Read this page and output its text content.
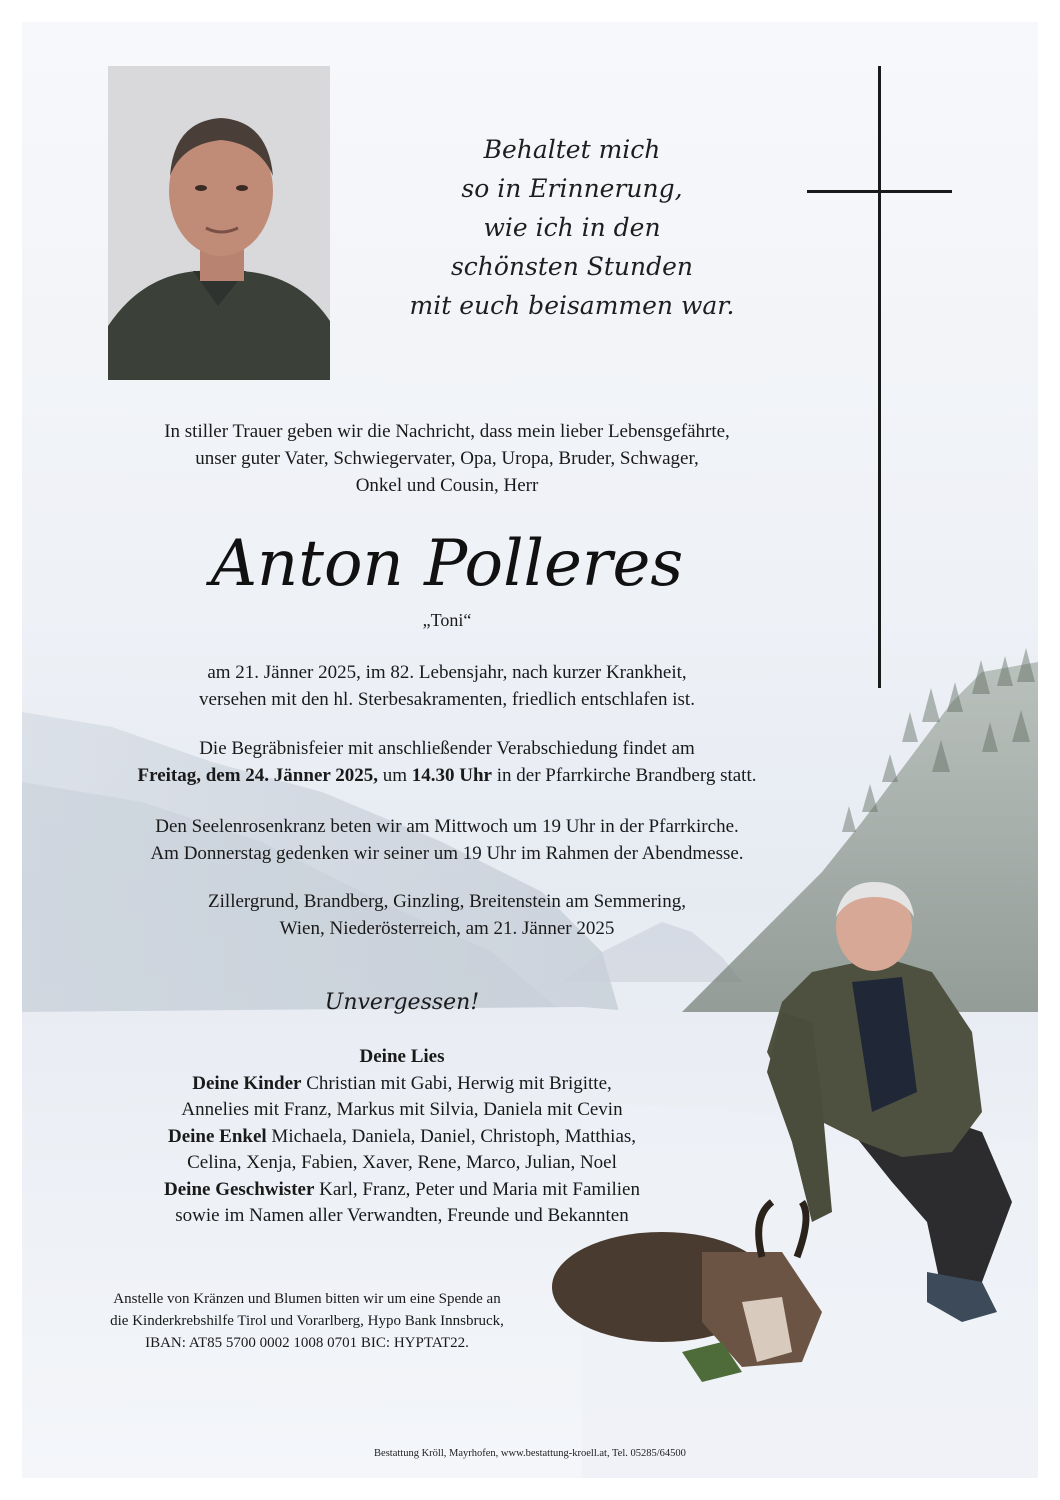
Behaltet mich
so in Erinnerung,
wie ich in den
schönsten Stunden
mit euch beisammen war.
In stiller Trauer geben wir die Nachricht, dass mein lieber Lebensgefährte,
unser guter Vater, Schwiegervater, Opa, Uropa, Bruder, Schwager,
Onkel und Cousin, Herr
Anton Polleres
„Toni“
am 21. Jänner 2025, im 82. Lebensjahr, nach kurzer Krankheit,
versehen mit den hl. Sterbesakramenten, friedlich entschlafen ist.
Die Begräbnisfeier mit anschließender Verabschiedung findet am
Freitag, dem 24. Jänner 2025, um 14.30 Uhr in der Pfarrkirche Brandberg statt.
Den Seelenrosenkranz beten wir am Mittwoch um 19 Uhr in der Pfarrkirche.
Am Donnerstag gedenken wir seiner um 19 Uhr im Rahmen der Abendmesse.
Zillergrund, Brandberg, Ginzling, Breitenstein am Semmering,
Wien, Niederösterreich, am 21. Jänner 2025
Unvergessen!
Deine Lies
Deine Kinder Christian mit Gabi, Herwig mit Brigitte,
Annelies mit Franz, Markus mit Silvia, Daniela mit Cevin
Deine Enkel Michaela, Daniela, Daniel, Christoph, Matthias,
Celina, Xenja, Fabien, Xaver, Rene, Marco, Julian, Noel
Deine Geschwister Karl, Franz, Peter und Maria mit Familien
sowie im Namen aller Verwandten, Freunde und Bekannten
Anstelle von Kränzen und Blumen bitten wir um eine Spende an
die Kinderkrebshilfe Tirol und Vorarlberg, Hypo Bank Innsbruck,
IBAN: AT85 5700 0002 1008 0701 BIC: HYPTAT22.
Bestattung Kröll, Mayrhofen, www.bestattung-kroell.at, Tel. 05285/64500
